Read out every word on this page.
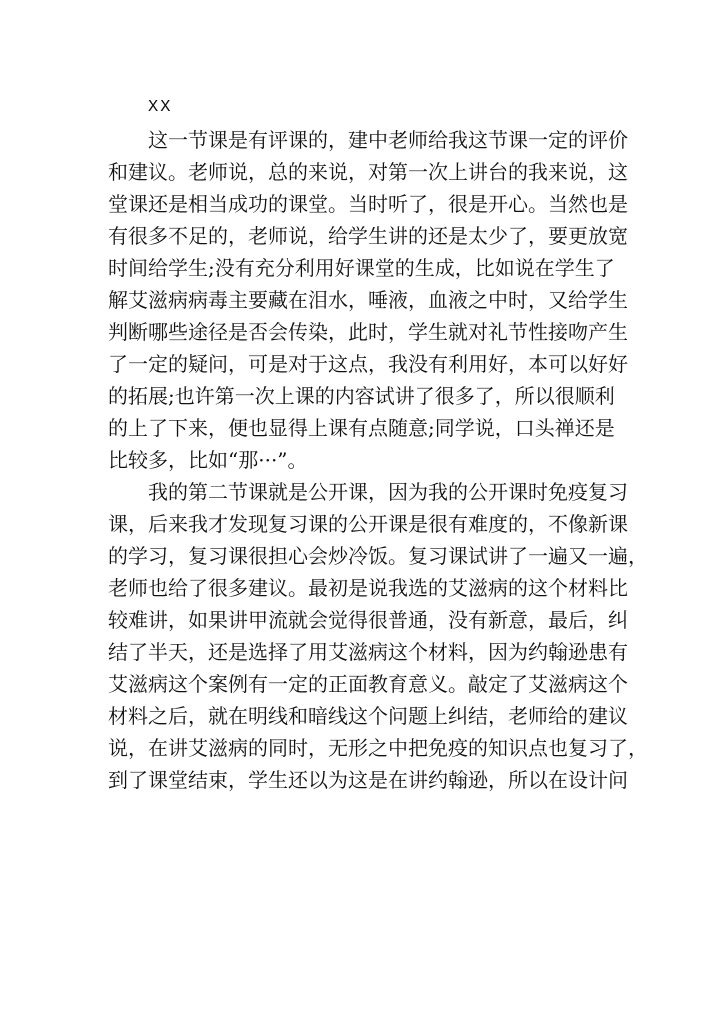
XX

这一节课是有评课的，建中老师给我这节课一定的评价

和建议。老师说，总的来说，对第一次上讲台的我来说，这

堂课还是相当成功的课堂。当时听了，很是开心。当然也是

有很多不足的，老师说，给学生讲的还是太少了，要更放宽

时间给学生;没有充分利用好课堂的生成，比如说在学生了

解艾滋病病毒主要藏在泪水，唾液，血液之中时，又给学生

判断哪些途径是否会传染，此时，学生就对礼节性接吻产生

了一定的疑问，可是对于这点，我没有利用好，本可以好好

的拓展;也许第一次上课的内容试讲了很多了，所以很顺利

的上了下来，便也显得上课有点随意;同学说，口头禅还是

比较多，比如“那···”。

我的第二节课就是公开课，因为我的公开课时免疫复习

课，后来我才发现复习课的公开课是很有难度的，不像新课

的学习，复习课很担心会炒冷饭。复习课试讲了一遍又一遍，

老师也给了很多建议。最初是说我选的艾滋病的这个材料比

较难讲，如果讲甲流就会觉得很普通，没有新意，最后，纠

结了半天，还是选择了用艾滋病这个材料，因为约翰逊患有

艾滋病这个案例有一定的正面教育意义。敲定了艾滋病这个

材料之后，就在明线和暗线这个问题上纠结，老师给的建议

说，在讲艾滋病的同时，无形之中把免疫的知识点也复习了，

到了课堂结束，学生还以为这是在讲约翰逊，所以在设计问
